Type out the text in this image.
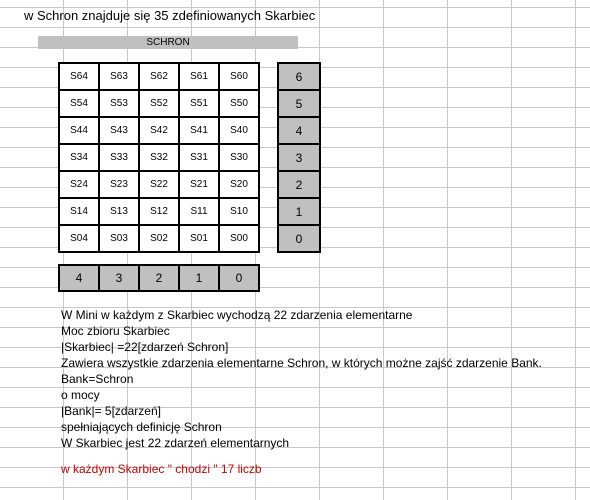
w Schron znajduje się 35 zdefiniowanych Skarbiec
SCHRON
S64	S63	S62	S61	S60
S54	S53	S52	S51	S50
S44	S43	S42	S41	S40
S34	S33	S32	S31	S30
S24	S23	S22	S21	S20
S14	S13	S12	S11	S10
S04	S03	S02	S01	S00
6
5
4
3
2
1
0
4	3	2	1	0
W Mini w każdym z Skarbiec wychodzą 22 zdarzenia elementarne
Moc zbioru Skarbiec
|Skarbiec| =22[zdarzeń Schron]
Zawiera wszystkie zdarzenia elementarne Schron, w których możne zajść zdarzenie Bank.
Bank=Schron
o mocy
|Bank|= 5[zdarzeń]
spełniających definicję Schron
W Skarbiec jest 22 zdarzeń elementarnych
w każdym Skarbiec " chodzi " 17 liczb
